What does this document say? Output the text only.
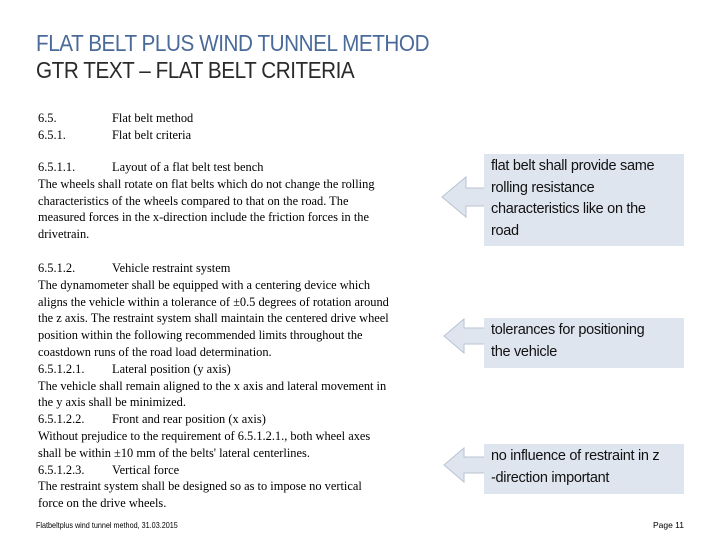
FLAT BELT PLUS WIND TUNNEL METHOD
GTR TEXT – FLAT BELT CRITERIA
6.5.	Flat belt method
6.5.1.	Flat belt criteria
6.5.1.1.	Layout of a flat belt test bench
The wheels shall rotate on flat belts which do not change the rolling
characteristics of the wheels compared to that on the road. The
measured forces in the x-direction include the friction forces in the
drivetrain.
6.5.1.2.	Vehicle restraint system
The dynamometer shall be equipped with a centering device which
aligns the vehicle within a tolerance of ±0.5 degrees of rotation around
the z axis. The restraint system shall maintain the centered drive wheel
position within the following recommended limits throughout the
coastdown runs of the road load determination.
6.5.1.2.1. Lateral position (y axis)
The vehicle shall remain aligned to the x axis and lateral movement in
the y axis shall be minimized.
6.5.1.2.2. Front and rear position (x axis)
Without prejudice to the requirement of 6.5.1.2.1., both wheel axes
shall be within ±10 mm of the belts' lateral centerlines.
6.5.1.2.3. Vertical force
The restraint system shall be designed so as to impose no vertical
force on the drive wheels.
flat belt shall provide same
rolling resistance
characteristics like on the
road
tolerances for positioning
the vehicle
no influence of restraint in z
-direction important
Flatbeltplus wind tunnel method, 31.03.2015	Page 11
